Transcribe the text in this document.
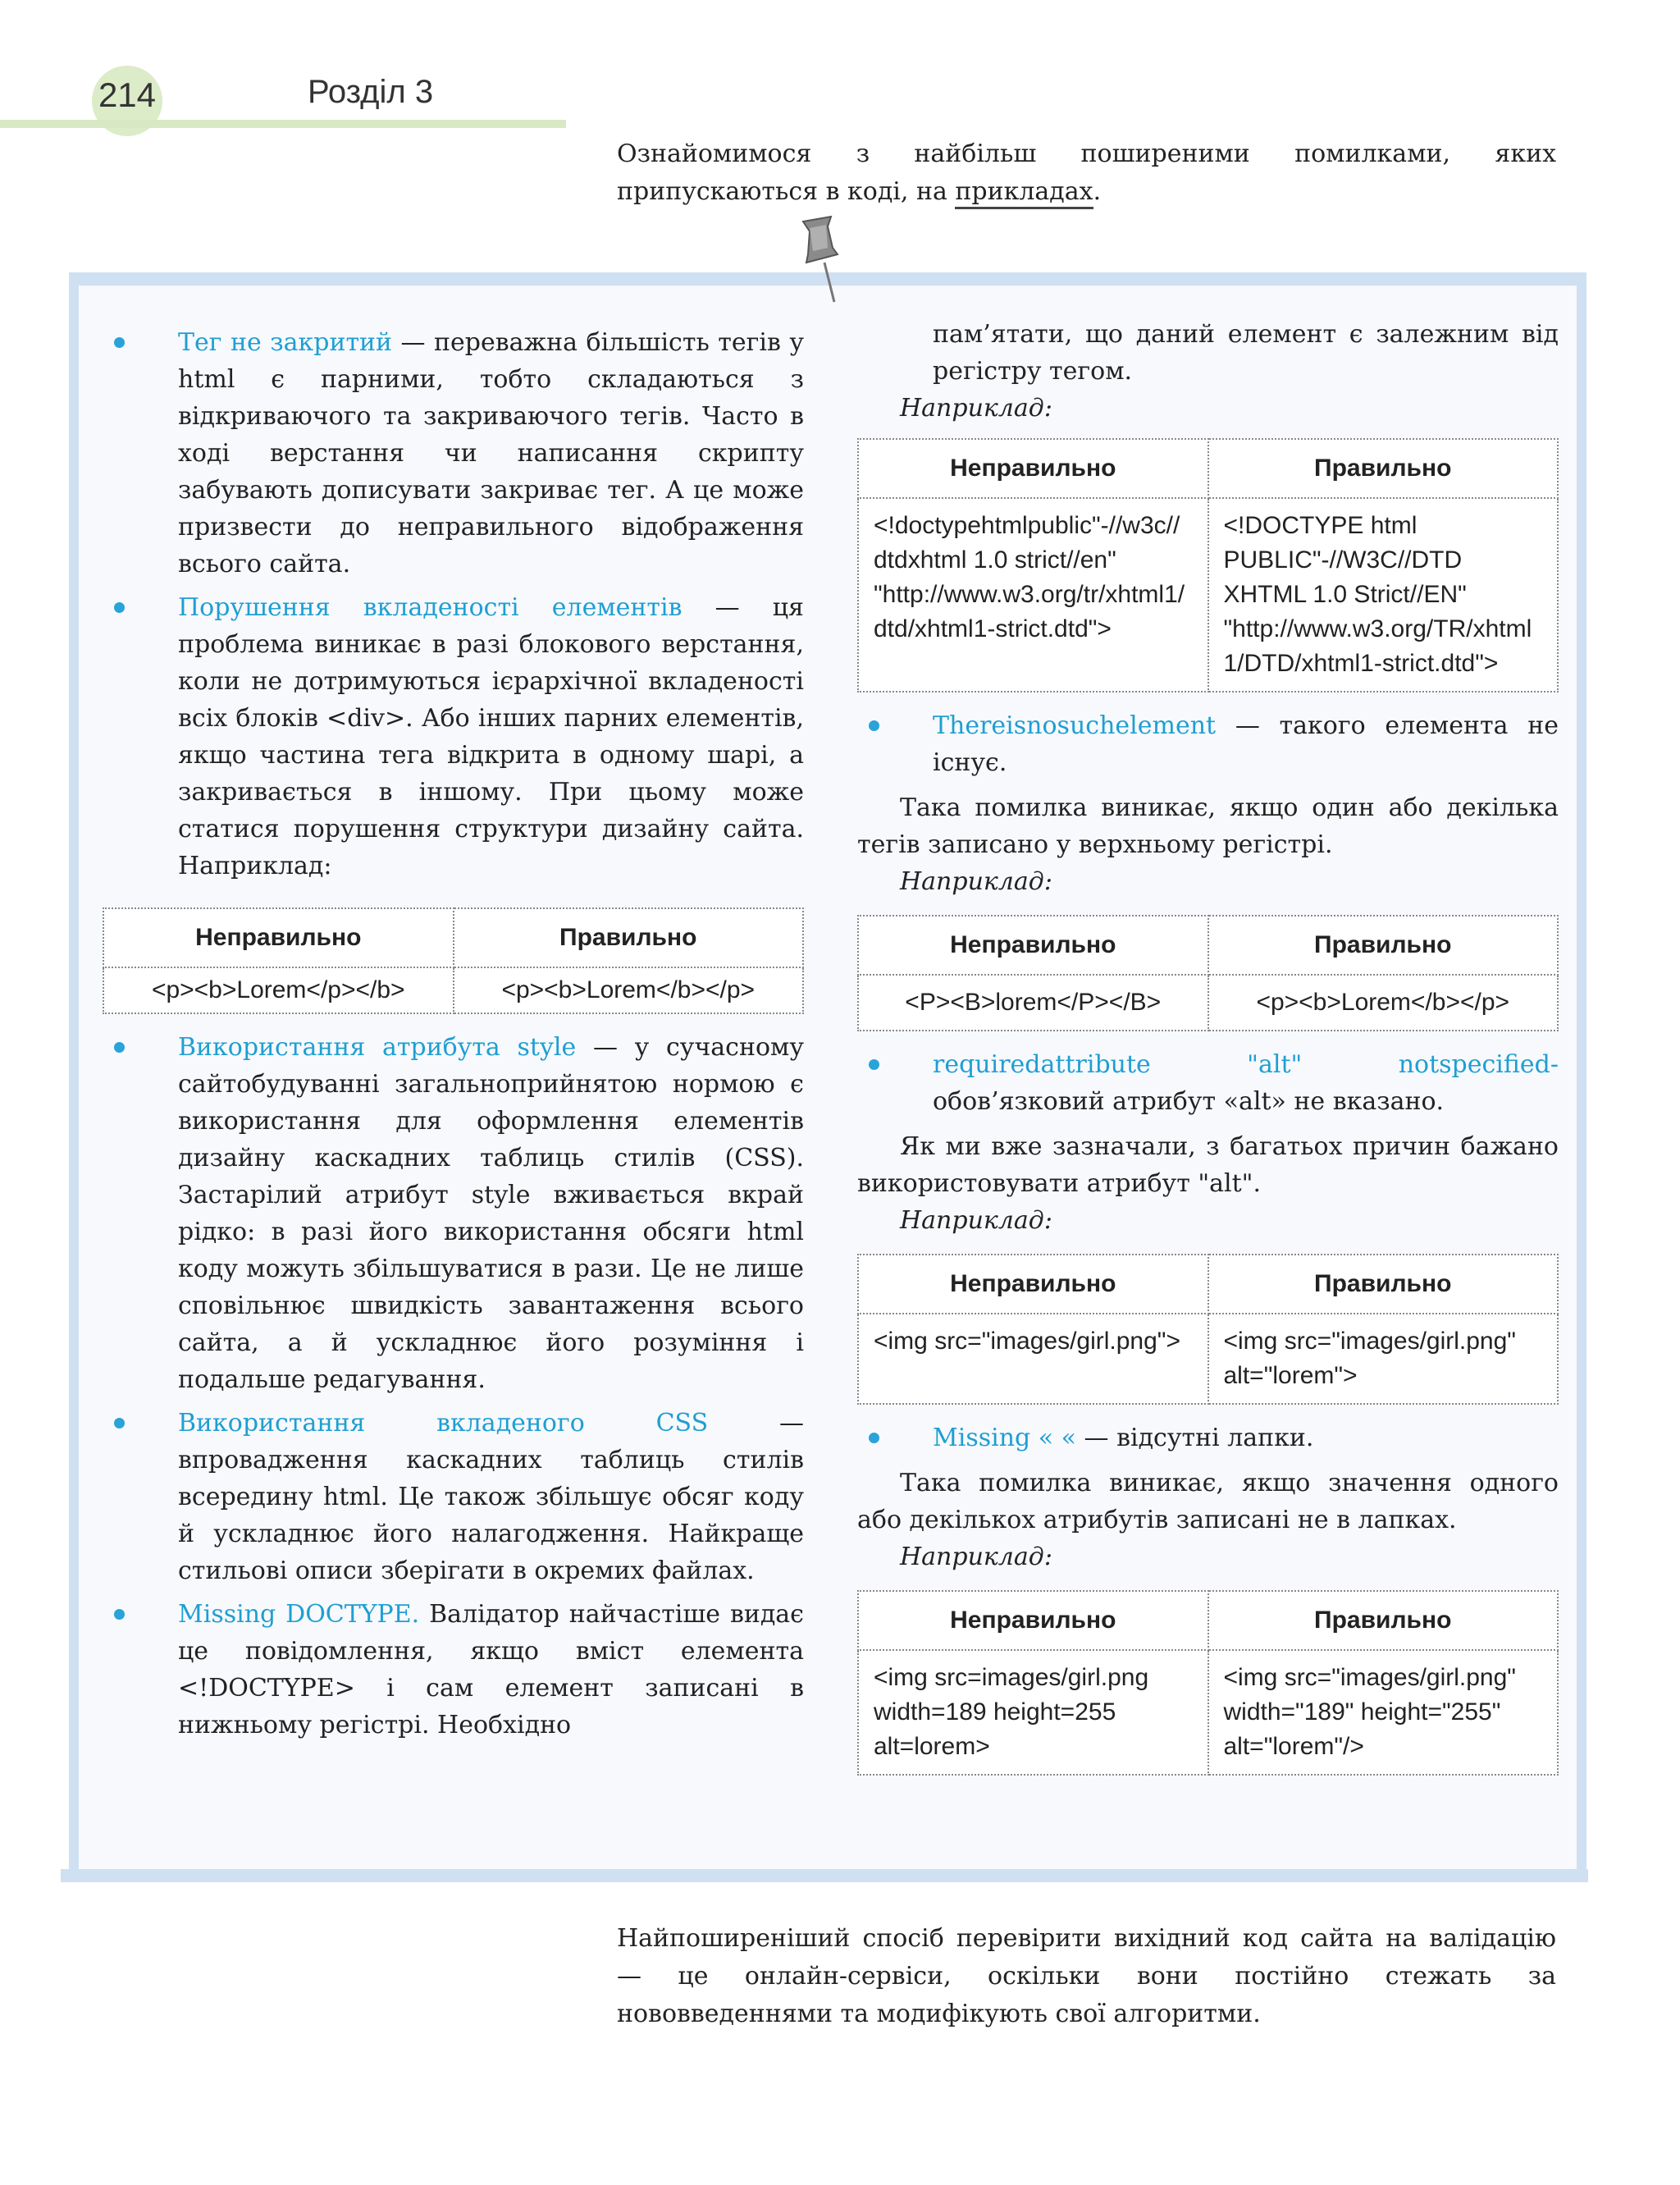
214	Розділ 3
Ознайомимося з найбільш поширеними помилками, яких припускаються в коді, на прикладах.
Тег не закритий — переважна більшість тегів у html є парними, тобто складаються з відкриваючого та закриваючого тегів. Часто в ході верстання чи написання скрипту забувають дописувати закриває тег. А це може призвести до неправильного відображення всього сайта.
Порушення вкладеності елементів — ця проблема виникає в разі блокового верстання, коли не дотримуються ієрархічної вкладеності всіх блоків <div>. Або інших парних елементів, якщо частина тега відкрита в одному шарі, а закривається в іншому. При цьому може статися порушення структури дизайну сайта. Наприклад:
Неправильно	Правильно
<p><b>Lorem</p></b>	<p><b>Lorem</b></p>
Використання атрибута style — у сучасному сайтобудуванні загальноприйнятою нормою є використання для оформлення елементів дизайну каскадних таблиць стилів (CSS). Застарілий атрибут style вживається вкрай рідко: в разі його використання обсяги html коду можуть збільшуватися в рази. Це не лише сповільнює швидкість завантаження всього сайта, а й ускладнює його розуміння і подальше редагування.
Використання вкладеного CSS — впровадження каскадних таблиць стилів всередину html. Це також збільшує обсяг коду й ускладнює його налагодження. Найкраще стильові описи зберігати в окремих файлах.
Missing DOCTYPE. Валідатор найчастіше видає це повідомлення, якщо вміст елемента <!DOCTYPE> і сам елемент записані в нижньому регістрі. Необхідно
пам’ятати, що даний елемент є залежним від регістру тегом.
Наприклад:
Неправильно	Правильно
<!doctypehtmlpublic"-//w3c//dtdxhtml 1.0 strict//en" "http://www.w3.org/tr/xhtml1/dtd/xhtml1-strict.dtd">	<!DOCTYPE html PUBLIC"-//W3C//DTD XHTML 1.0 Strict//EN" "http://www.w3.org/TR/xhtml1/DTD/xhtml1-strict.dtd">
Thereisnosuchelement — такого елемента не існує.
Така помилка виникає, якщо один або декілька тегів записано у верхньому регістрі.
Наприклад:
Неправильно	Правильно
<P><B>lorem</P></B>	<p><b>Lorem</b></p>
requiredattribute "alt" notspecified- обов’язковий атрибут «alt» не вказано.
Як ми вже зазначали, з багатьох причин бажано використовувати атрибут "alt".
Наприклад:
Неправильно	Правильно
<img src="images/girl.png">	<img src="images/girl.png" alt="lorem">
Missing « « — відсутні лапки.
Така помилка виникає, якщо значення одного або декількох атрибутів записані не в лапках.
Наприклад:
Неправильно	Правильно
<img src=images/girl.png width=189 height=255 alt=lorem>	<img src="images/girl.png" width="189" height="255" alt="lorem"/>
Найпоширеніший спосіб перевірити вихідний код сайта на валідацію — це онлайн-сервіси, оскільки вони постійно стежать за нововведеннями та модифікують свої алгоритми.
